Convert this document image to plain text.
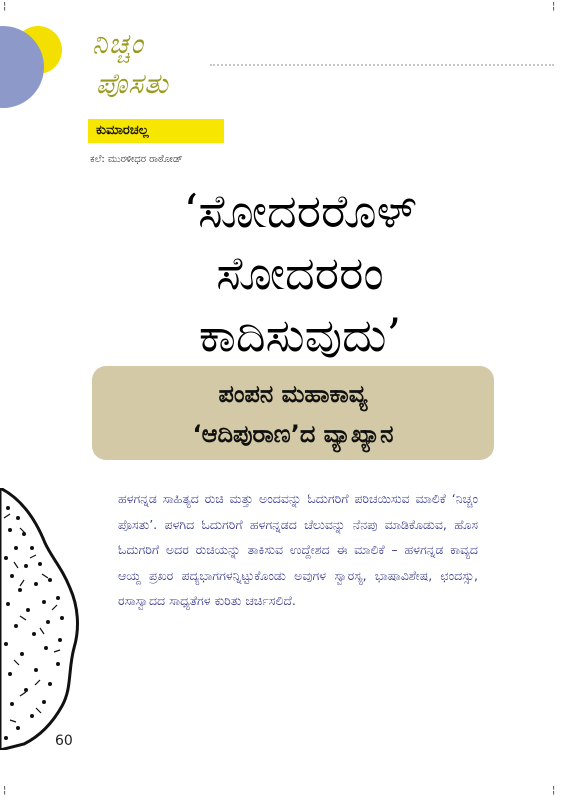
¦	¦
¦	¦
ನಿಚ್ಚಂ
ಪೊಸತು
ಕುಮಾರಚಲ್ಲ
ಕಲೆ: ಮುರಳೀಧರ ರಾಠೋಡ್
‘ಸೋದರರೊಳ್
ಸೋದರರಂ
ಕಾದಿಸುವುದು’
ಪಂಪನ ಮಹಾಕಾವ್ಯ
‘ಆದಿಪುರಾಣ’ದ ವ್ಯಾಖ್ಯಾನ

ಹಳಗನ್ನಡ ಸಾಹಿತ್ಯದ ರುಚಿ ಮತ್ತು ಅಂದವನ್ನು ಓದುಗರಿಗೆ ಪರಿಚಯಿಸುವ ಮಾಲಿಕೆ ‘ನಿಚ್ಚಂ ಪೊಸತು’. ಪಳಗಿದ ಓದುಗರಿಗೆ ಹಳಗನ್ನಡದ ಚೆಲುವನ್ನು ನೆನಪು ಮಾಡಿಕೊಡುವ, ಹೊಸ ಓದುಗರಿಗೆ ಅದರ ರುಚಿಯನ್ನು ತಾಕಿಸುವ ಉದ್ದೇಶದ ಈ ಮಾಲಿಕೆ – ಹಳಗನ್ನಡ ಕಾವ್ಯದ ಆಯ್ದ ಪ್ರಖರ ಪದ್ಯಭಾಗಗಳನ್ನಿಟ್ಟುಕೊಂಡು ಅವುಗಳ ಸ್ವಾರಸ್ಯ, ಭಾಷಾವಿಶೇಷ, ಛಂದಸ್ಸು, ರಸಾಸ್ವಾದದ ಸಾಧ್ಯತೆಗಳ ಕುರಿತು ಚರ್ಚಿಸಲಿದೆ.

60
